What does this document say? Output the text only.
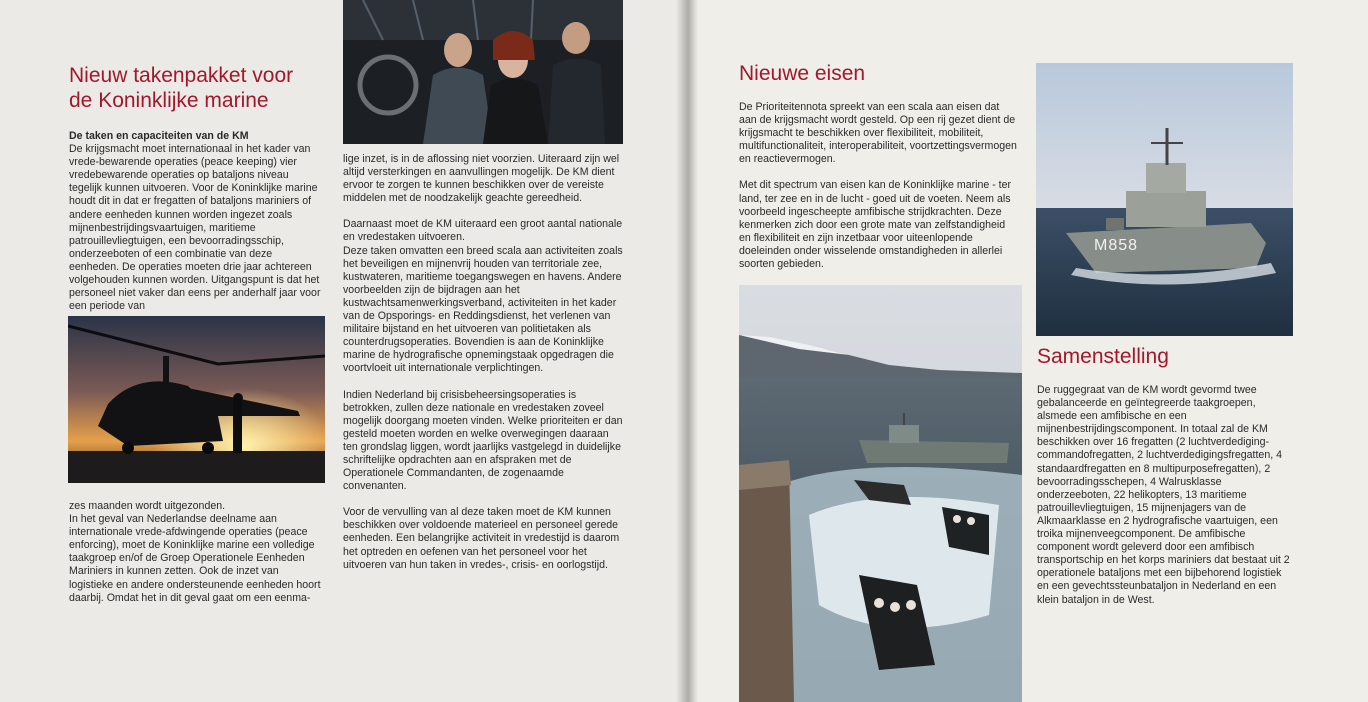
Nieuw takenpakket voor
de Koninklijke marine
De taken en capaciteiten van de KM

De krijgsmacht moet internationaal in het kader van vrede-bewarende operaties (peace keeping) vier vredebewarende operaties op bataljons niveau tegelijk kunnen uitvoeren. Voor de Koninklijke marine houdt dit in dat er fregatten of bataljons mariniers of andere eenheden kunnen worden ingezet zoals mijnenbestrijdingsvaartuigen, maritieme patrouillevliegtuigen, een bevoorradingsschip, onderzeeboten of een combinatie van deze eenheden. De operaties moeten drie jaar achtereen volgehouden kunnen worden. Uitgangspunt is dat het personeel niet vaker dan eens per anderhalf jaar voor een periode van

zes maanden wordt uitgezonden.

In het geval van Nederlandse deelname aan internationale vrede-afdwingende operaties (peace enforcing), moet de Koninklijke marine een volledige taakgroep en/of de Groep Operationele Eenheden Mariniers in kunnen zetten. Ook de inzet van logistieke en andere ondersteunende eenheden hoort daarbij. Omdat het in dit geval gaat om een eenma-

lige inzet, is in de aflossing niet voorzien. Uiteraard zijn wel altijd versterkingen en aanvullingen mogelijk. De KM dient ervoor te zorgen te kunnen beschikken over de vereiste middelen met de noodzakelijk geachte gereedheid.

Daarnaast moet de KM uiteraard een groot aantal nationale en vredestaken uitvoeren.

Deze taken omvatten een breed scala aan activiteiten zoals het beveiligen en mijnenvrij houden van territoriale zee, kustwateren, maritieme toegangswegen en havens. Andere voorbeelden zijn de bijdragen aan het kustwachtsamenwerkingsverband, activiteiten in het kader van de Opsporings- en Reddingsdienst, het verlenen van militaire bijstand en het uitvoeren van politietaken als counterdrugsoperaties. Bovendien is aan de Koninklijke marine de hydrografische opnemingstaak opgedragen die voortvloeit uit internationale verplichtingen.

Indien Nederland bij crisisbeheersingsoperaties is betrokken, zullen deze nationale en vredestaken zoveel mogelijk doorgang moeten vinden. Welke prioriteiten er dan gesteld moeten worden en welke overwegingen daaraan ten grondslag liggen, wordt jaarlijks vastgelegd in duidelijke schriftelijke opdrachten aan en afspraken met de Operationele Commandanten, de zogenaamde convenanten.

Voor de vervulling van al deze taken moet de KM kunnen beschikken over voldoende materieel en personeel gerede eenheden. Een belangrijke activiteit in vredestijd is daarom het optreden en oefenen van het personeel voor het uitvoeren van hun taken in vredes-, crisis- en oorlogstijd.

Nieuwe eisen

De Prioriteitennota spreekt van een scala aan eisen dat aan de krijgsmacht wordt gesteld. Op een rij gezet dient de krijgsmacht te beschikken over flexibiliteit, mobiliteit, multifunctionaliteit, interoperabiliteit, voortzettingsvermogen en reactievermogen.

Met dit spectrum van eisen kan de Koninklijke marine - ter land, ter zee en in de lucht - goed uit de voeten. Neem als voorbeeld ingescheepte amfibische strijdkrachten. Deze kenmerken zich door een grote mate van zelfstandigheid en flexibiliteit en zijn inzetbaar voor uiteenlopende doeleinden onder wisselende omstandigheden in allerlei soorten gebieden.

M858
Samenstelling

De ruggegraat van de KM wordt gevormd twee gebalanceerde en geïntegreerde taakgroepen, alsmede een amfibische en een mijnenbestrijdingscomponent. In totaal zal de KM beschikken over 16 fregatten (2 luchtverdediging-commandofregatten, 2 luchtverdedigingsfregatten, 4 standaardfregatten en 8 multipurposefregatten), 2 bevoorradingsschepen, 4 Walrusklasse onderzeeboten, 22 helikopters, 13 maritieme patrouillevliegtuigen, 15 mijnenjagers van de Alkmaarklasse en 2 hydrografische vaartuigen, een troika mijnenveegcomponent. De amfibische component wordt geleverd door een amfibisch transportschip en het korps mariniers dat bestaat uit 2 operationele bataljons met een bijbehorend logistiek en een gevechtssteunbataljon in Nederland en een klein bataljon in de West.
